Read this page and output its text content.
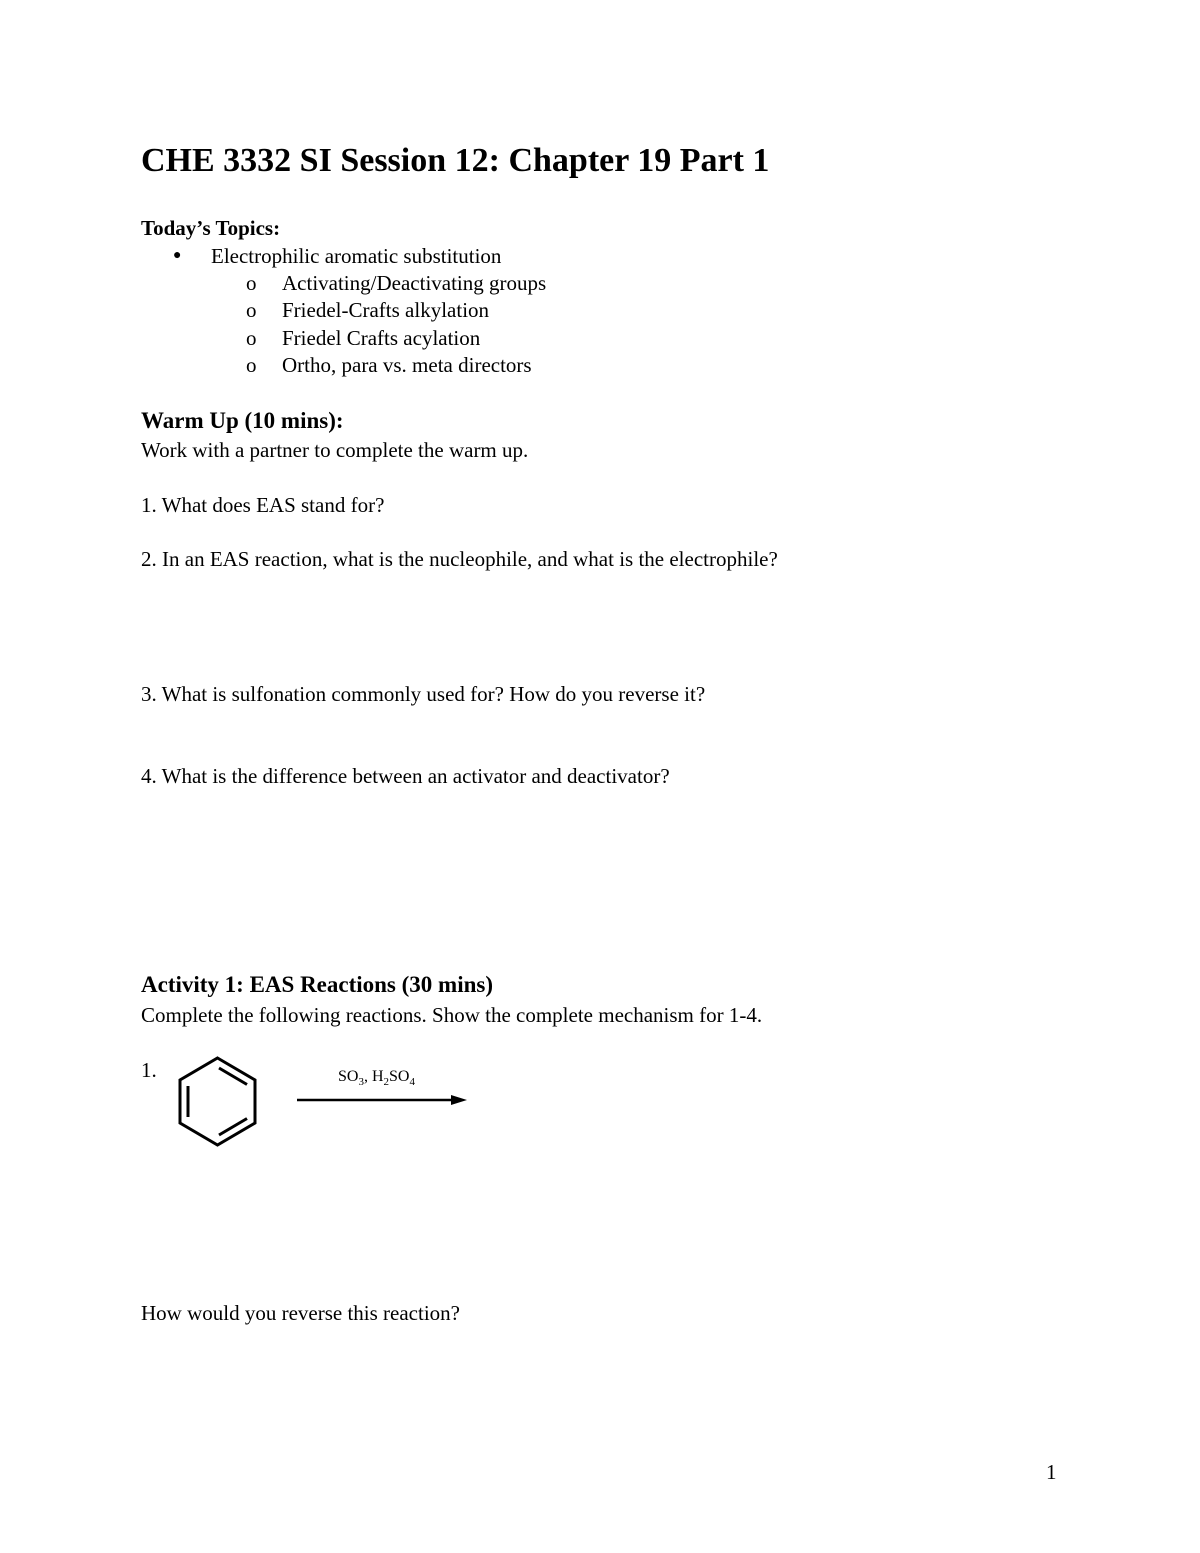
CHE 3332 SI Session 12: Chapter 19 Part 1
Today’s Topics:
● Electrophilic aromatic substitution
o Activating/Deactivating groups
o Friedel-Crafts alkylation
o Friedel Crafts acylation
o Ortho, para vs. meta directors
Warm Up (10 mins):
Work with a partner to complete the warm up.
1. What does EAS stand for?
2. In an EAS reaction, what is the nucleophile, and what is the electrophile?
3. What is sulfonation commonly used for? How do you reverse it?
4. What is the difference between an activator and deactivator?
Activity 1: EAS Reactions (30 mins)
Complete the following reactions. Show the complete mechanism for 1-4.
1.	$SO_3$, $H_2SO_4$
How would you reverse this reaction?
1
